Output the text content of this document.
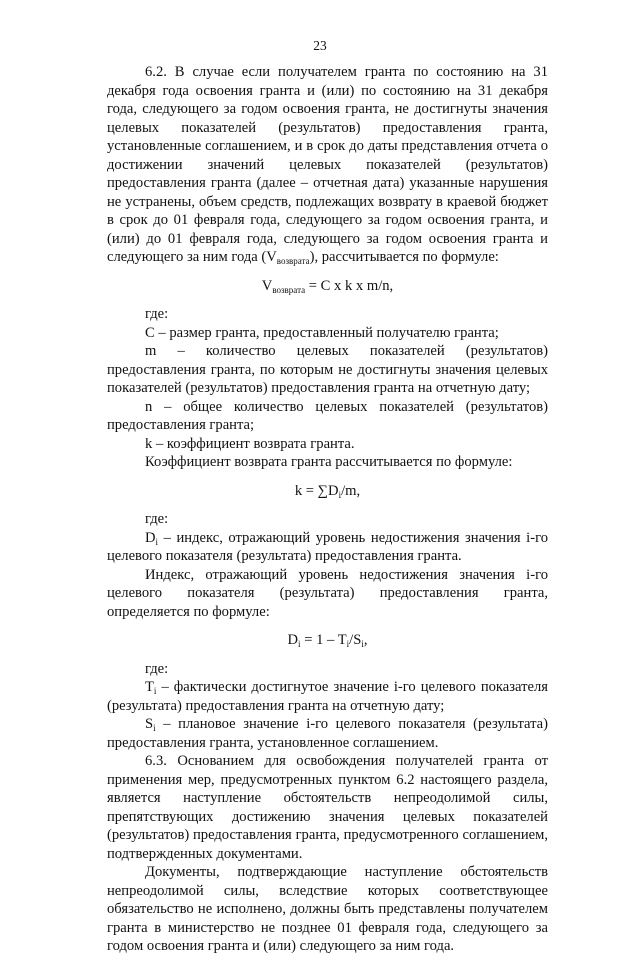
23

6.2. В случае если получателем гранта по состоянию на 31 декабря года освоения гранта и (или) по состоянию на 31 декабря года, следующего за годом освоения гранта, не достигнуты значения целевых показателей (результатов) предоставления гранта, установленные соглашением, и в срок до даты представления отчета о достижении значений целевых показателей (результатов) предоставления гранта (далее – отчетная дата) указанные нарушения не устранены, объем средств, подлежащих возврату в краевой бюджет в срок до 01 февраля года, следующего за годом освоения гранта, и (или) до 01 февраля года, следующего за годом освоения гранта и следующего за ним года $(V_{возврата})$, рассчитывается по формуле:

$V_{возврата} = C$ x k x m/n,

где:

C – размер гранта, предоставленный получателю гранта;

m – количество целевых показателей (результатов) предоставления гранта, по которым не достигнуты значения целевых показателей (результатов) предоставления гранта на отчетную дату;

n – общее количество целевых показателей (результатов) предоставления гранта;

k – коэффициент возврата гранта.

Коэффициент возврата гранта рассчитывается по формуле:

$k = \sum D_i/m$,

где:

$D_i$ – индекс, отражающий уровень недостижения значения i-го целевого показателя (результата) предоставления гранта.

Индекс, отражающий уровень недостижения значения i-го целевого показателя (результата) предоставления гранта, определяется по формуле:

$D_i = 1 - T_i/S_i$,

где:

$T_i$ – фактически достигнутое значение i-го целевого показателя (результата) предоставления гранта на отчетную дату;

$S_i$ – плановое значение i-го целевого показателя (результата) предоставления гранта, установленное соглашением.

6.3. Основанием для освобождения получателей гранта от применения мер, предусмотренных пунктом 6.2 настоящего раздела, является наступление обстоятельств непреодолимой силы, препятствующих достижению значения целевых показателей (результатов) предоставления гранта, предусмотренного соглашением, подтвержденных документами.

Документы, подтверждающие наступление обстоятельств непреодолимой силы, вследствие которых соответствующее обязательство не исполнено, должны быть представлены получателем гранта в министерство не позднее 01 февраля года, следующего за годом освоения гранта и (или) следующего за ним года.
